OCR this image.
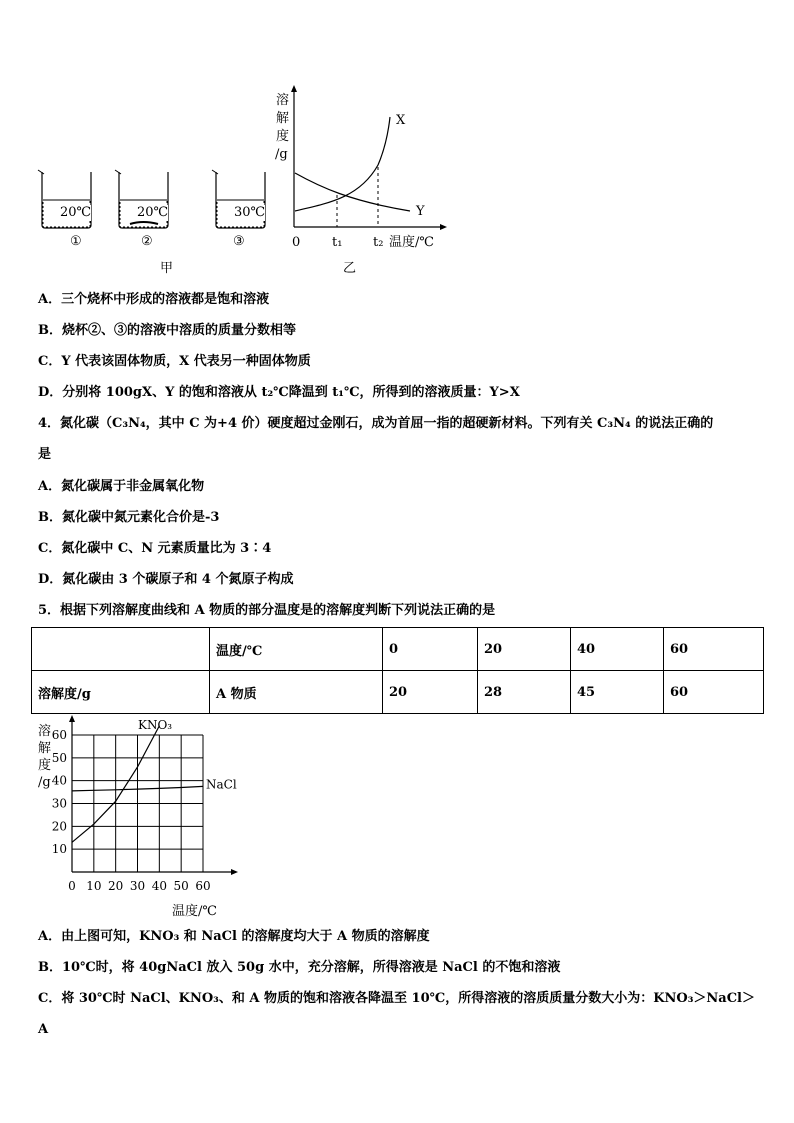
20℃	20℃	30℃
①	②	③
甲
溶
解
度
/g
X
Y
0 t₁ t₂ 温度/℃
乙
A．三个烧杯中形成的溶液都是饱和溶液
B．烧杯②、③的溶液中溶质的质量分数相等
C．Y 代表该固体物质，X 代表另一种固体物质
D．分别将 100gX、Y 的饱和溶液从 t₂℃降温到 t₁℃，所得到的溶液质量：Y>X
4．氮化碳（C₃N₄，其中 C 为+4 价）硬度超过金刚石，成为首屈一指的超硬新材料。下列有关 C₃N₄ 的说法正确的
是
A．氮化碳属于非金属氧化物
B．氮化碳中氮元素化合价是-3
C．氮化碳中 C、N 元素质量比为 3∶4
D．氮化碳由 3 个碳原子和 4 个氮原子构成
5．根据下列溶解度曲线和 A 物质的部分温度是的溶解度判断下列说法正确的是
	温度/℃	0	20	40	60
溶解度/g	A 物质	20	28	45	60
0 10 20 30 40 50 60
10
20
30
40
50
60
溶
解
度
/g
温度/℃
KNO₃
NaCl
A．由上图可知，KNO₃ 和 NaCl 的溶解度均大于 A 物质的溶解度
B．10℃时，将 40gNaCl 放入 50g 水中，充分溶解，所得溶液是 NaCl 的不饱和溶液
C．将 30℃时 NaCl、KNO₃、和 A 物质的饱和溶液各降温至 10℃，所得溶液的溶质质量分数大小为：KNO₃＞NaCl＞
A
